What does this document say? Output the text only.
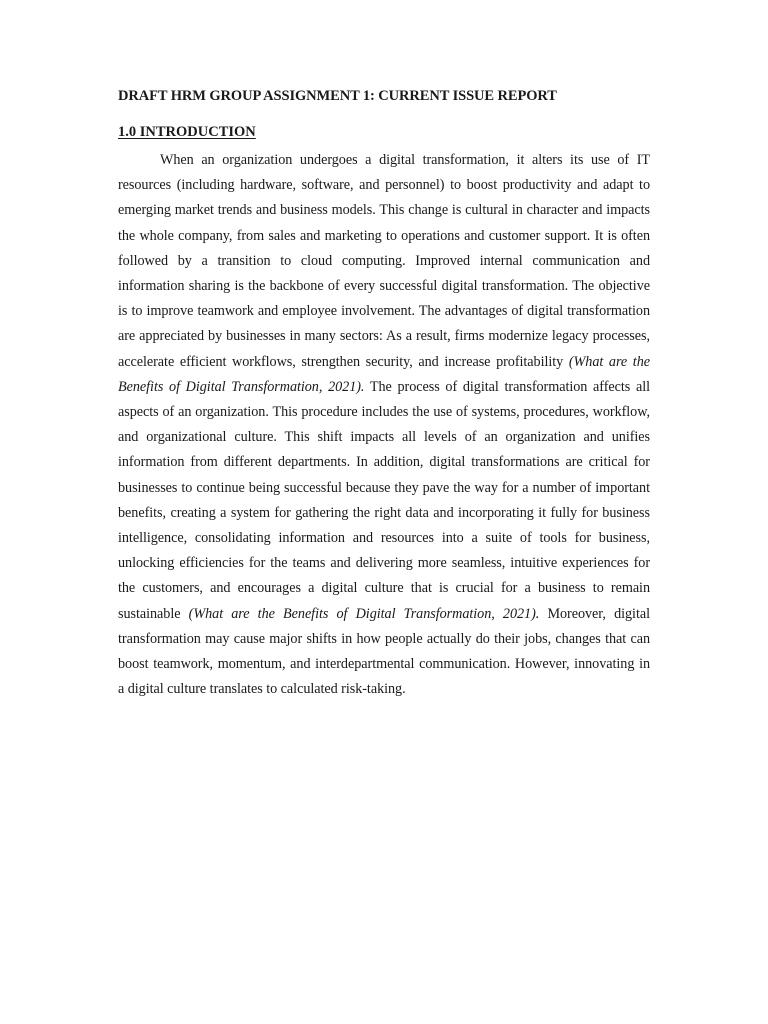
DRAFT HRM GROUP ASSIGNMENT 1: CURRENT ISSUE REPORT
1.0 INTRODUCTION

When an organization undergoes a digital transformation, it alters its use of IT resources (including hardware, software, and personnel) to boost productivity and adapt to emerging market trends and business models. This change is cultural in character and impacts the whole company, from sales and marketing to operations and customer support. It is often followed by a transition to cloud computing. Improved internal communication and information sharing is the backbone of every successful digital transformation. The objective is to improve teamwork and employee involvement. The advantages of digital transformation are appreciated by businesses in many sectors: As a result, firms modernize legacy processes, accelerate efficient workflows, strengthen security, and increase profitability (What are the Benefits of Digital Transformation, 2021). The process of digital transformation affects all aspects of an organization. This procedure includes the use of systems, procedures, workflow, and organizational culture. This shift impacts all levels of an organization and unifies information from different departments. In addition, digital transformations are critical for businesses to continue being successful because they pave the way for a number of important benefits, creating a system for gathering the right data and incorporating it fully for business intelligence, consolidating information and resources into a suite of tools for business, unlocking efficiencies for the teams and delivering more seamless, intuitive experiences for the customers, and encourages a digital culture that is crucial for a business to remain sustainable (What are the Benefits of Digital Transformation, 2021). Moreover, digital transformation may cause major shifts in how people actually do their jobs, changes that can boost teamwork, momentum, and interdepartmental communication. However, innovating in a digital culture translates to calculated risk-taking.
